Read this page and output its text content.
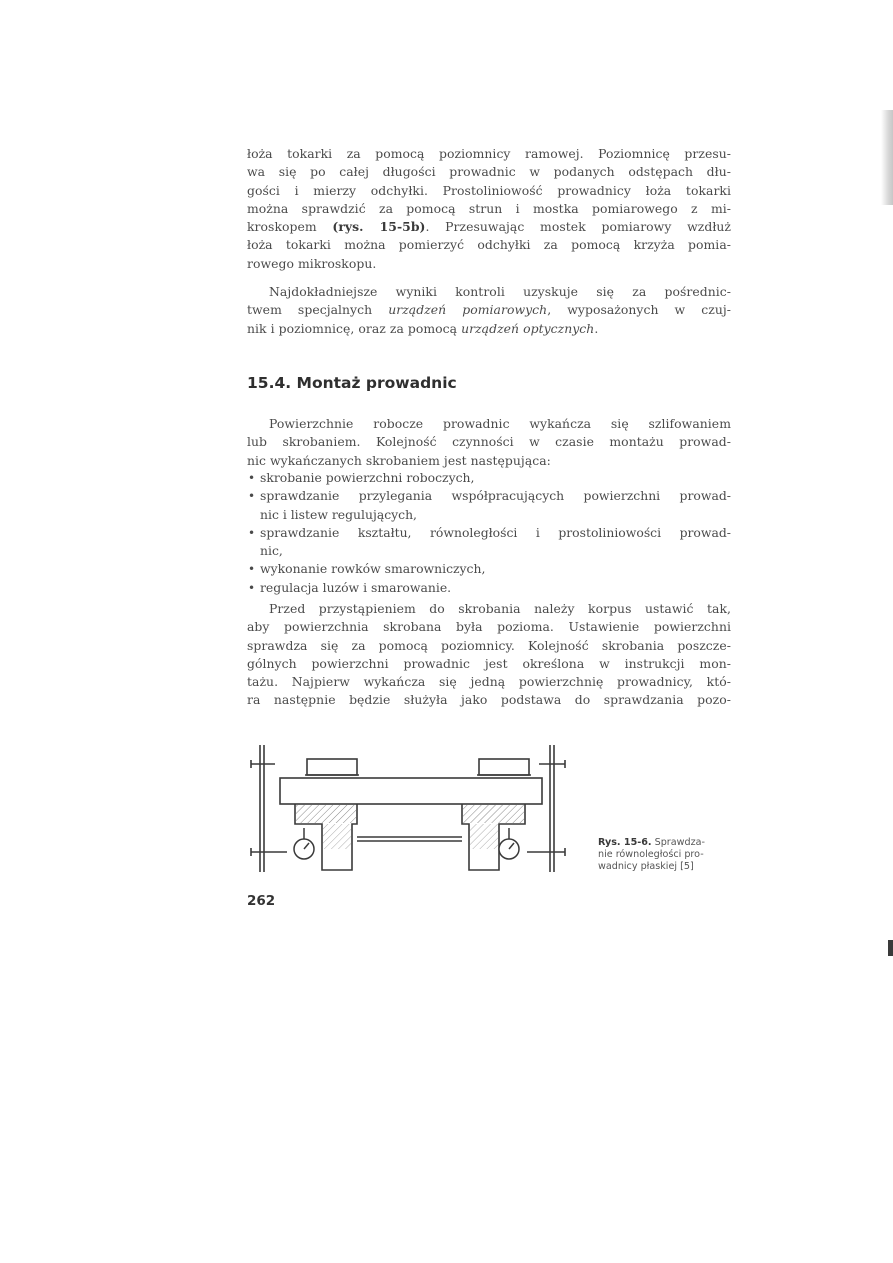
łoża tokarki za pomocą poziomnicy ramowej. Poziomnicę przesu-
wa się po całej długości prowadnic w podanych odstępach dłu-
gości i mierzy odchyłki. Prostoliniowość prowadnicy łoża tokarki
można sprawdzić za pomocą strun i mostka pomiarowego z mi-
kroskopem (rys. 15-5b). Przesuwając mostek pomiarowy wzdłuż
łoża tokarki można pomierzyć odchyłki za pomocą krzyża pomia-
rowego mikroskopu.

Najdokładniejsze wyniki kontroli uzyskuje się za pośrednic-
twem specjalnych urządzeń pomiarowych, wyposażonych w czuj-
nik i poziomnicę, oraz za pomocą urządzeń optycznych.

15.4. Montaż prowadnic

Powierzchnie robocze prowadnic wykańcza się szlifowaniem
lub skrobaniem. Kolejność czynności w czasie montażu prowad-
nic wykańczanych skrobaniem jest następująca:

• skrobanie powierzchni roboczych,
• sprawdzanie przylegania współpracujących powierzchni prowad-
nic i listew regulujących,
• sprawdzanie kształtu, równoległości i prostoliniowości prowad-
nic,
• wykonanie rowków smarowniczych,
• regulacja luzów i smarowanie.

Przed przystąpieniem do skrobania należy korpus ustawić tak,
aby powierzchnia skrobana była pozioma. Ustawienie powierzchni
sprawdza się za pomocą poziomnicy. Kolejność skrobania poszcze-
gólnych powierzchni prowadnic jest określona w instrukcji mon-
tażu. Najpierw wykańcza się jedną powierzchnię prowadnicy, któ-
ra następnie będzie służyła jako podstawa do sprawdzania pozo-

Rys. 15-6. Sprawdza-
nie równoległości pro-
wadnicy płaskiej [5]
262
